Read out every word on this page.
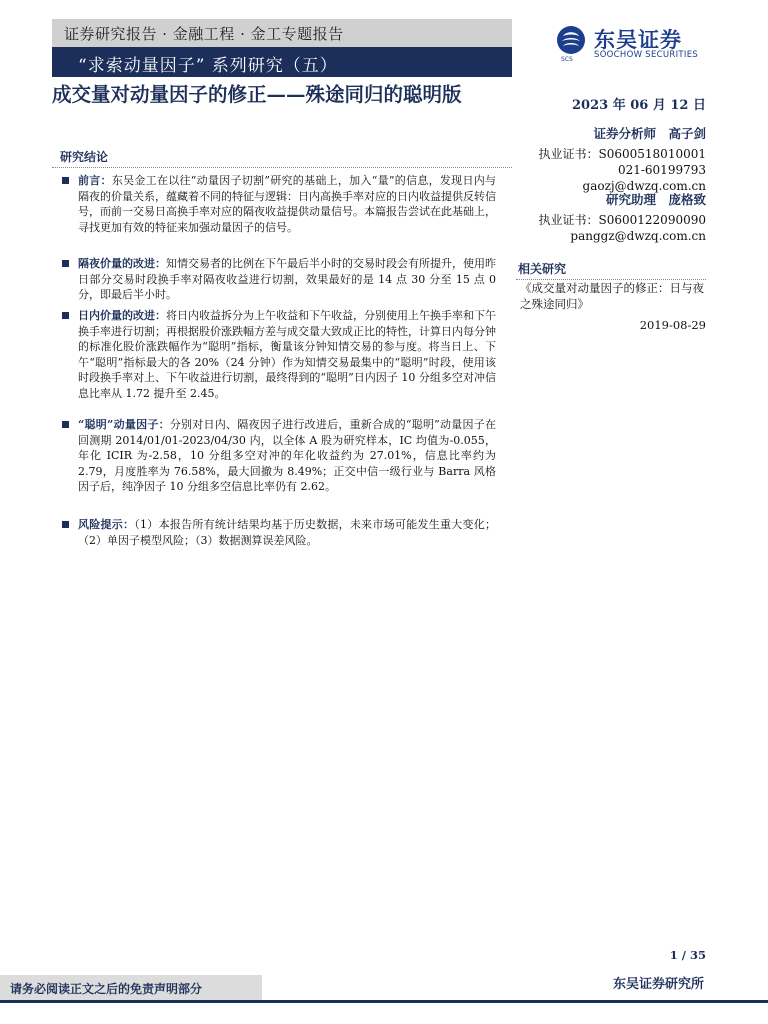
证券研究报告 · 金融工程 · 金工专题报告
“求索动量因子” 系列研究（五）	SCS
东吴证券
SOOCHOW SECURITIES
成交量对动量因子的修正——殊途同归的聪明版	2023 年 06 月 12 日
证券分析师　高子剑
执业证书：S0600518010001
021-60199793
gaozj@dwzq.com.cn
研究助理　庞格致
执业证书：S0600122090090
panggz@dwzq.com.cn
相关研究
《成交量对动量因子的修正：日与夜之殊途同归》
2019-08-29
研究结论
前言：东吴金工在以往“动量因子切割”研究的基础上，加入“量”的信息，发现日内与隔夜的价量关系，蕴藏着不同的特征与逻辑：日内高换手率对应的日内收益提供反转信号，而前一交易日高换手率对应的隔夜收益提供动量信号。本篇报告尝试在此基础上，寻找更加有效的特征来加强动量因子的信号。
隔夜价量的改进：知情交易者的比例在下午最后半小时的交易时段会有所提升，使用昨日部分交易时段换手率对隔夜收益进行切割，效果最好的是 14 点 30 分至 15 点 0 分，即最后半小时。
日内价量的改进：将日内收益拆分为上午收益和下午收益，分别使用上午换手率和下午换手率进行切割；再根据股价涨跌幅方差与成交量大致成正比的特性，计算日内每分钟的标准化股价涨跌幅作为“聪明”指标，衡量该分钟知情交易的参与度。将当日上、下午“聪明”指标最大的各 20%（24 分钟）作为知情交易最集中的“聪明”时段，使用该时段换手率对上、下午收益进行切割，最终得到的“聪明”日内因子 10 分组多空对冲信息比率从 1.72 提升至 2.45。
“聪明”动量因子：分别对日内、隔夜因子进行改进后，重新合成的“聪明”动量因子在回测期 2014/01/01-2023/04/30 内，以全体 A 股为研究样本，IC 均值为-0.055，年化 ICIR 为-2.58，10 分组多空对冲的年化收益约为 27.01%，信息比率约为 2.79，月度胜率为 76.58%，最大回撤为 8.49%；正交中信一级行业与 Barra 风格因子后，纯净因子 10 分组多空信息比率仍有 2.62。
风险提示：（1）本报告所有统计结果均基于历史数据，未来市场可能发生重大变化；（2）单因子模型风险；（3）数据测算误差风险。
1 / 35
请务必阅读正文之后的免责声明部分	东吴证券研究所
